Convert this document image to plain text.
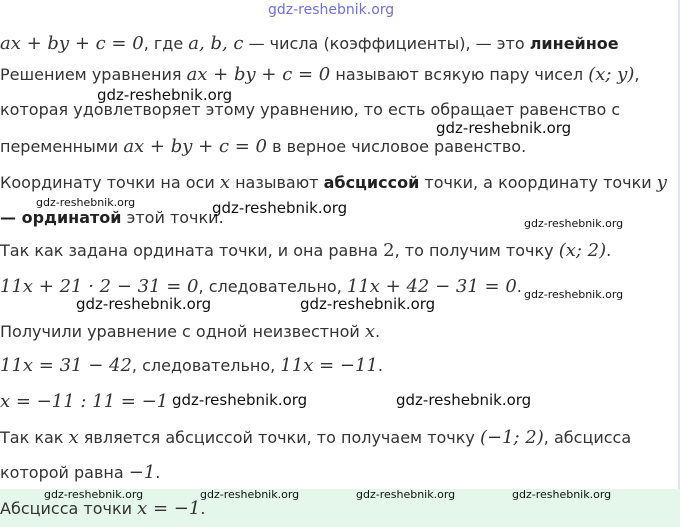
ax + by + c = 0, где a, b, c — числа (коэффициенты), — это линейное
Решением уравнения ax + by + c = 0 называют всякую пару чисел (x; y),
которая удовлетворяет этому уравнению, то есть обращает равенство с
переменными ax + by + c = 0 в верное числовое равенство.
Координату точки на оси x называют абсциссой точки, а координату точки y
— ординатой этой точки.
Так как задана ордината точки, и она равна 2, то получим точку (x; 2).
11x + 21 · 2 − 31 = 0, следовательно, 11x + 42 − 31 = 0.
Получили уравнение с одной неизвестной x.
11x = 31 − 42, следовательно, 11x = −11.
x = −11 : 11 = −1
Так как x является абсциссой точки, то получаем точку (−1; 2), абсцисса
которой равна −1.
Абсцисса точки x = −1.
gdz-reshebnik.org
gdz-reshebnik.org
gdz-reshebnik.org
gdz-reshebnik.org	gdz-reshebnik.org
gdz-reshebnik.org
gdz-reshebnik.org
gdz-reshebnik.org	gdz-reshebnik.org
gdz-reshebnik.org	gdz-reshebnik.org
gdz-reshebnik.org	gdz-reshebnik.org	gdz-reshebnik.org	gdz-reshebnik.org
